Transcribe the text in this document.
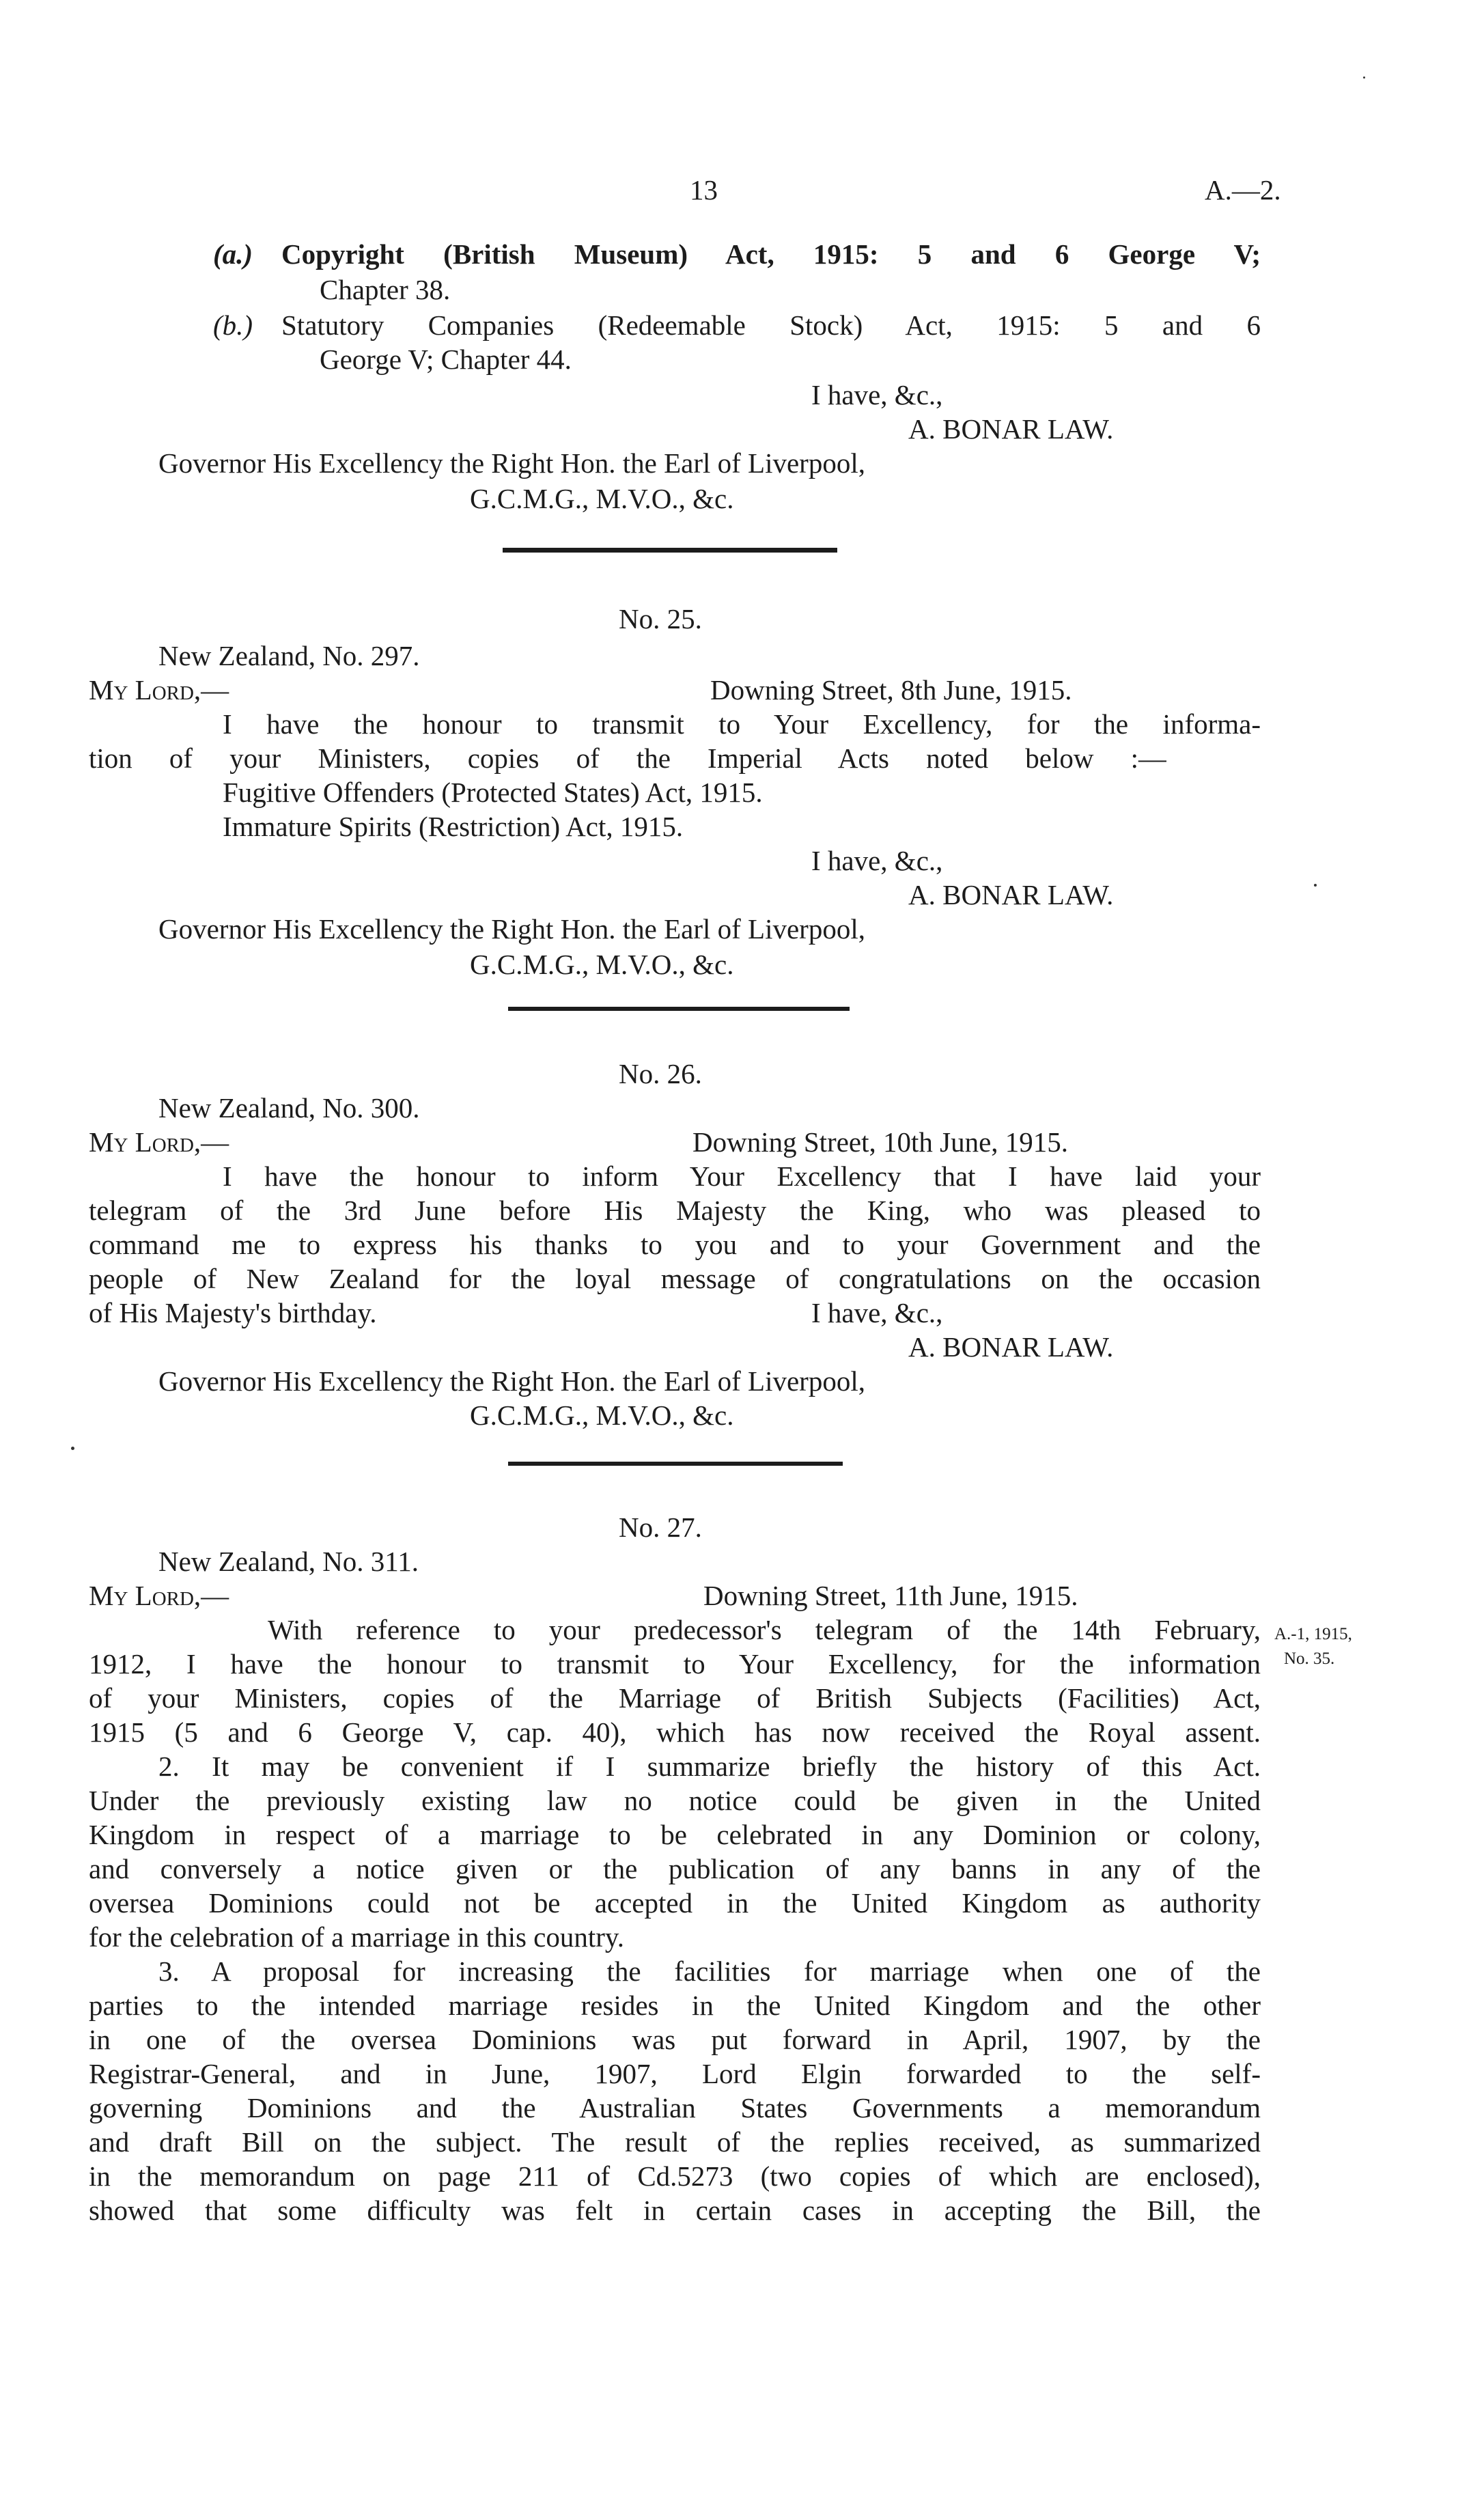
13	A.—2.
(a.) Copyright (British Museum) Act, 1915: 5 and 6 George V;
Chapter 38.
(b.) Statutory Companies (Redeemable Stock) Act, 1915: 5 and 6
George V; Chapter 44.
I have, &c.,
A. BONAR LAW.
Governor His Excellency the Right Hon. the Earl of Liverpool,
G.C.M.G., M.V.O., &c.
No. 25.
New Zealand, No. 297.
My Lord,—	Downing Street, 8th June, 1915.
I have the honour to transmit to Your Excellency, for the informa-
tion of your Ministers, copies of the Imperial Acts noted below :—
Fugitive Offenders (Protected States) Act, 1915.
Immature Spirits (Restriction) Act, 1915.
I have, &c.,
A. BONAR LAW.
Governor His Excellency the Right Hon. the Earl of Liverpool,
G.C.M.G., M.V.O., &c.
No. 26.
New Zealand, No. 300.
My Lord,—	Downing Street, 10th June, 1915.
I have the honour to inform Your Excellency that I have laid your
telegram of the 3rd June before His Majesty the King, who was pleased to
command me to express his thanks to you and to your Government and the
people of New Zealand for the loyal message of congratulations on the occasion
of His Majesty's birthday.	I have, &c.,
A. BONAR LAW.
Governor His Excellency the Right Hon. the Earl of Liverpool,
G.C.M.G., M.V.O., &c.
No. 27.
New Zealand, No. 311.
My Lord,—	Downing Street, 11th June, 1915.
A.-1, 1915,
No. 35.
With reference to your predecessor's telegram of the 14th February,
1912, I have the honour to transmit to Your Excellency, for the information
of your Ministers, copies of the Marriage of British Subjects (Facilities) Act,
1915 (5 and 6 George V, cap. 40), which has now received the Royal assent.
2. It may be convenient if I summarize briefly the history of this Act.
Under the previously existing law no notice could be given in the United
Kingdom in respect of a marriage to be celebrated in any Dominion or colony,
and conversely a notice given or the publication of any banns in any of the
oversea Dominions could not be accepted in the United Kingdom as authority
for the celebration of a marriage in this country.
3. A proposal for increasing the facilities for marriage when one of the
parties to the intended marriage resides in the United Kingdom and the other
in one of the oversea Dominions was put forward in April, 1907, by the
Registrar-General, and in June, 1907, Lord Elgin forwarded to the self-
governing Dominions and the Australian States Governments a memorandum
and draft Bill on the subject. The result of the replies received, as summarized
in the memorandum on page 211 of Cd.5273 (two copies of which are enclosed),
showed that some difficulty was felt in certain cases in accepting the Bill, the
